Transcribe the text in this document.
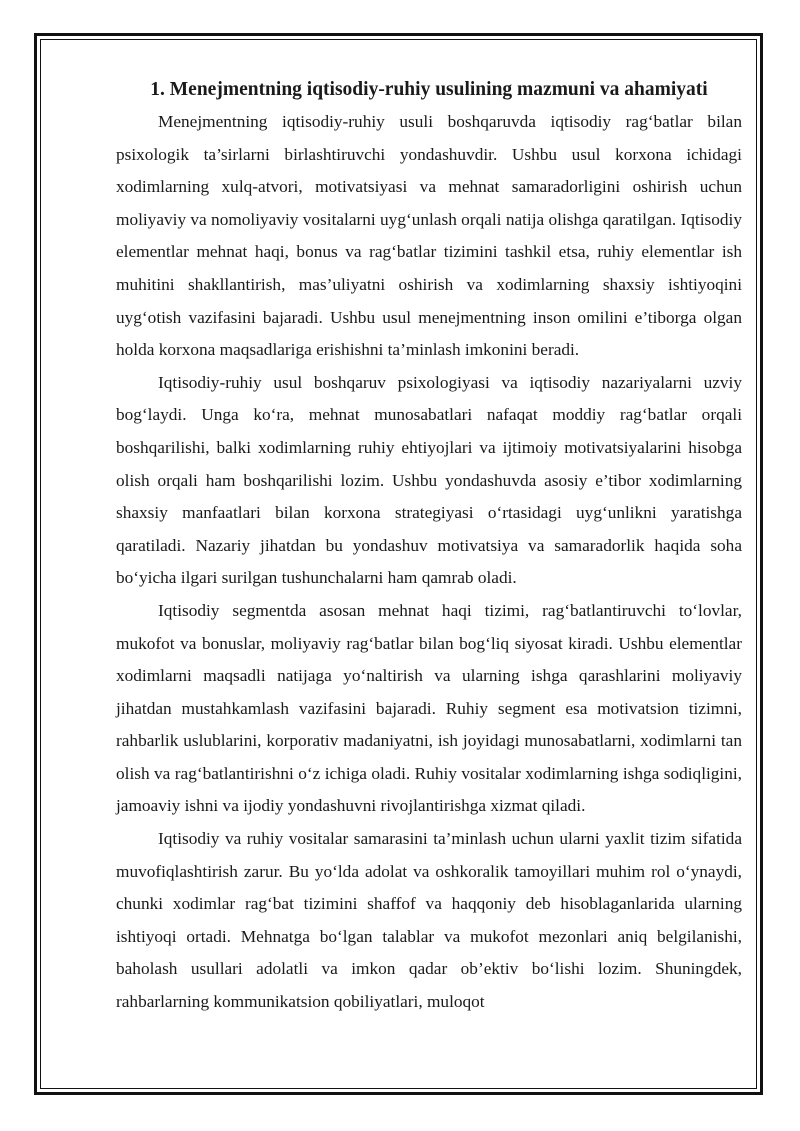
1. Menejmentning iqtisodiy-ruhiy usulining mazmuni va ahamiyati

Menejmentning iqtisodiy-ruhiy usuli boshqaruvda iqtisodiy rag‘batlar bilan psixologik ta’sirlarni birlashtiruvchi yondashuvdir. Ushbu usul korxona ichidagi xodimlarning xulq-atvori, motivatsiyasi va mehnat samaradorligini oshirish uchun moliyaviy va nomoliyaviy vositalarni uyg‘unlash orqali natija olishga qaratilgan. Iqtisodiy elementlar mehnat haqi, bonus va rag‘batlar tizimini tashkil etsa, ruhiy elementlar ish muhitini shakllantirish, mas’uliyatni oshirish va xodimlarning shaxsiy ishtiyoqini uyg‘otish vazifasini bajaradi. Ushbu usul menejmentning inson omilini e’tiborga olgan holda korxona maqsadlariga erishishni ta’minlash imkonini beradi.

Iqtisodiy-ruhiy usul boshqaruv psixologiyasi va iqtisodiy nazariyalarni uzviy bog‘laydi. Unga ko‘ra, mehnat munosabatlari nafaqat moddiy rag‘batlar orqali boshqarilishi, balki xodimlarning ruhiy ehtiyojlari va ijtimoiy motivatsiyalarini hisobga olish orqali ham boshqarilishi lozim. Ushbu yondashuvda asosiy e’tibor xodimlarning shaxsiy manfaatlari bilan korxona strategiyasi o‘rtasidagi uyg‘unlikni yaratishga qaratiladi. Nazariy jihatdan bu yondashuv motivatsiya va samaradorlik haqida soha bo‘yicha ilgari surilgan tushunchalarni ham qamrab oladi.

Iqtisodiy segmentda asosan mehnat haqi tizimi, rag‘batlantiruvchi to‘lovlar, mukofot va bonuslar, moliyaviy rag‘batlar bilan bog‘liq siyosat kiradi. Ushbu elementlar xodimlarni maqsadli natijaga yo‘naltirish va ularning ishga qarashlarini moliyaviy jihatdan mustahkamlash vazifasini bajaradi. Ruhiy segment esa motivatsion tizimni, rahbarlik uslublarini, korporativ madaniyatni, ish joyidagi munosabatlarni, xodimlarni tan olish va rag‘batlantirishni o‘z ichiga oladi. Ruhiy vositalar xodimlarning ishga sodiqligini, jamoaviy ishni va ijodiy yondashuvni rivojlantirishga xizmat qiladi.

Iqtisodiy va ruhiy vositalar samarasini ta’minlash uchun ularni yaxlit tizim sifatida muvofiqlashtirish zarur. Bu yo‘lda adolat va oshkoralik tamoyillari muhim rol o‘ynaydi, chunki xodimlar rag‘bat tizimini shaffof va haqqoniy deb hisoblaganlarida ularning ishtiyoqi ortadi. Mehnatga bo‘lgan talablar va mukofot mezonlari aniq belgilanishi, baholash usullari adolatli va imkon qadar ob’ektiv bo‘lishi lozim. Shuningdek, rahbarlarning kommunikatsion qobiliyatlari, muloqot
